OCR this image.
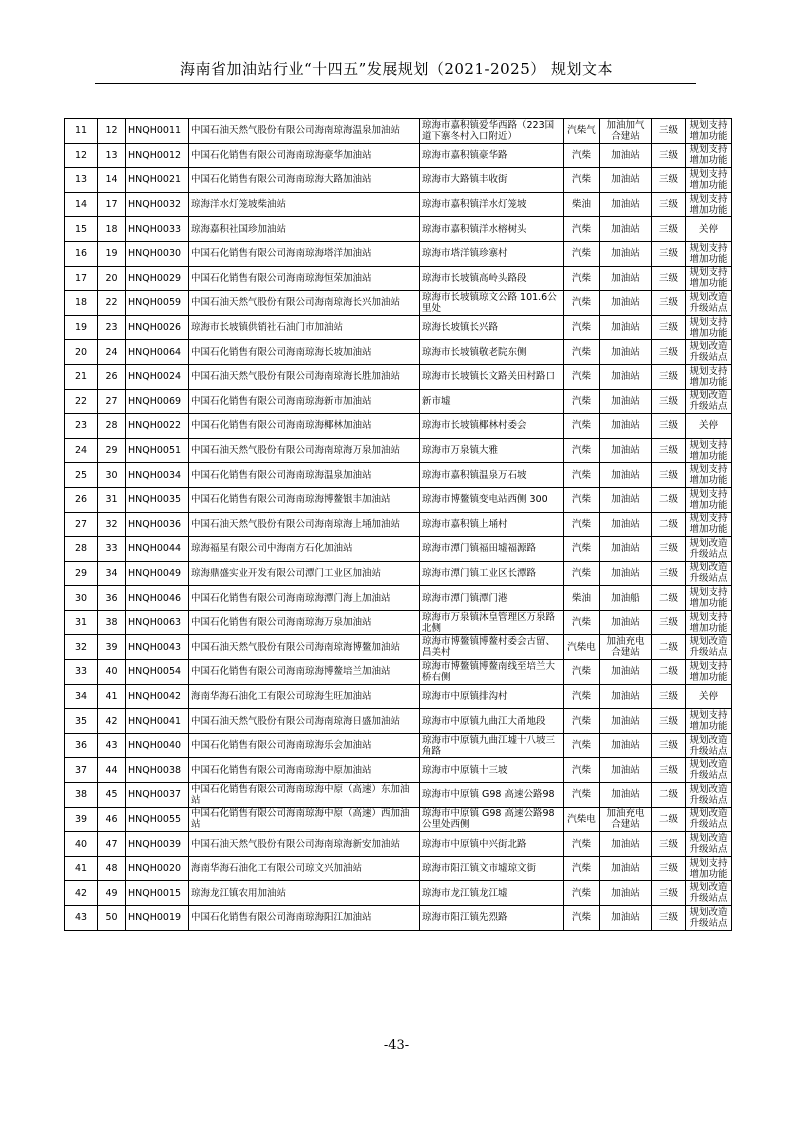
海南省加油站行业“十四五”发展规划（2021-2025） 规划文本
11	12	HNQH0011	中国石油天然气股份有限公司海南琼海温泉加油站	琼海市嘉积镇爱华西路（223国道下寨冬村入口附近）	汽柴气	加油加气合建站	三级	规划支持增加功能
12	13	HNQH0012	中国石化销售有限公司海南琼海豪华加油站	琼海市嘉积镇豪华路	汽柴	加油站	三级	规划支持增加功能
13	14	HNQH0021	中国石化销售有限公司海南琼海大路加油站	琼海市大路镇丰收街	汽柴	加油站	三级	规划支持增加功能
14	17	HNQH0032	琼海洋水灯笼坡柴油站	琼海市嘉积镇洋水灯笼坡	柴油	加油站	三级	规划支持增加功能
15	18	HNQH0033	琼海嘉积社国珍加油站	琼海市嘉积镇洋水榕树头	汽柴	加油站	三级	关停
16	19	HNQH0030	中国石化销售有限公司海南琼海塔洋加油站	琼海市塔洋镇珍寨村	汽柴	加油站	三级	规划支持增加功能
17	20	HNQH0029	中国石化销售有限公司海南琼海恒荣加油站	琼海市长坡镇高岭头路段	汽柴	加油站	三级	规划支持增加功能
18	22	HNQH0059	中国石油天然气股份有限公司海南琼海长兴加油站	琼海市长坡镇琼文公路 101.6公里处	汽柴	加油站	三级	规划改造升级站点
19	23	HNQH0026	琼海市长坡镇供销社石油门市加油站	琼海长坡镇长兴路	汽柴	加油站	三级	规划支持增加功能
20	24	HNQH0064	中国石化销售有限公司海南琼海长坡加油站	琼海市长坡镇敬老院东侧	汽柴	加油站	三级	规划改造升级站点
21	26	HNQH0024	中国石油天然气股份有限公司海南琼海长胜加油站	琼海市长坡镇长文路关田村路口	汽柴	加油站	三级	规划支持增加功能
22	27	HNQH0069	中国石化销售有限公司海南琼海新市加油站	新市墟	汽柴	加油站	三级	规划改造升级站点
23	28	HNQH0022	中国石化销售有限公司海南琼海椰林加油站	琼海市长坡镇椰林村委会	汽柴	加油站	三级	关停
24	29	HNQH0051	中国石油天然气股份有限公司海南琼海万泉加油站	琼海市万泉镇大雅	汽柴	加油站	三级	规划支持增加功能
25	30	HNQH0034	中国石化销售有限公司海南琼海温泉加油站	琼海市嘉积镇温泉万石坡	汽柴	加油站	三级	规划支持增加功能
26	31	HNQH0035	中国石化销售有限公司海南琼海博鳌银丰加油站	琼海市博鳌镇变电站西侧 300	汽柴	加油站	二级	规划支持增加功能
27	32	HNQH0036	中国石油天然气股份有限公司海南琼海上埇加油站	琼海市嘉积镇上埇村	汽柴	加油站	二级	规划支持增加功能
28	33	HNQH0044	琼海福星有限公司中海南方石化加油站	琼海市潭门镇福田墟福源路	汽柴	加油站	三级	规划改造升级站点
29	34	HNQH0049	琼海鼎盛实业开发有限公司潭门工业区加油站	琼海市潭门镇工业区长潭路	汽柴	加油站	三级	规划改造升级站点
30	36	HNQH0046	中国石化销售有限公司海南琼海潭门海上加油站	琼海市潭门镇潭门港	柴油	加油船	二级	规划支持增加功能
31	38	HNQH0063	中国石化销售有限公司海南琼海万泉加油站	琼海市万泉镇沐皇管理区万泉路北侧	汽柴	加油站	三级	规划支持增加功能
32	39	HNQH0043	中国石油天然气股份有限公司海南琼海博鳌加油站	琼海市博鳌镇博鳌村委会古留、昌美村	汽柴电	加油充电合建站	二级	规划改造升级站点
33	40	HNQH0054	中国石化销售有限公司海南琼海博鳌培兰加油站	琼海市博鳌镇博鳌南线至培兰大桥右侧	汽柴	加油站	二级	规划支持增加功能
34	41	HNQH0042	海南华海石油化工有限公司琼海生旺加油站	琼海市中原镇排沟村	汽柴	加油站	三级	关停
35	42	HNQH0041	中国石油天然气股份有限公司海南琼海日盛加油站	琼海市中原镇九曲江大甬地段	汽柴	加油站	三级	规划支持增加功能
36	43	HNQH0040	中国石化销售有限公司海南琼海乐会加油站	琼海市中原镇九曲江墟十八坡三角路	汽柴	加油站	三级	规划改造升级站点
37	44	HNQH0038	中国石化销售有限公司海南琼海中原加油站	琼海市中原镇十三坡	汽柴	加油站	三级	规划改造升级站点
38	45	HNQH0037	中国石化销售有限公司海南琼海中原（高速）东加油站	琼海市中原镇 G98 高速公路98	汽柴	加油站	二级	规划改造升级站点
39	46	HNQH0055	中国石化销售有限公司海南琼海中原（高速）西加油站	琼海市中原镇 G98 高速公路98 公里处西侧	汽柴电	加油充电合建站	二级	规划改造升级站点
40	47	HNQH0039	中国石油天然气股份有限公司海南琼海新安加油站	琼海市中原镇中兴街北路	汽柴	加油站	三级	规划改造升级站点
41	48	HNQH0020	海南华海石油化工有限公司琼文兴加油站	琼海市阳江镇文市墟琼文街	汽柴	加油站	三级	规划支持增加功能
42	49	HNQH0015	琼海龙江镇农用加油站	琼海市龙江镇龙江墟	汽柴	加油站	三级	规划改造升级站点
43	50	HNQH0019	中国石化销售有限公司海南琼海阳江加油站	琼海市阳江镇先烈路	汽柴	加油站	三级	规划改造升级站点
-43-
